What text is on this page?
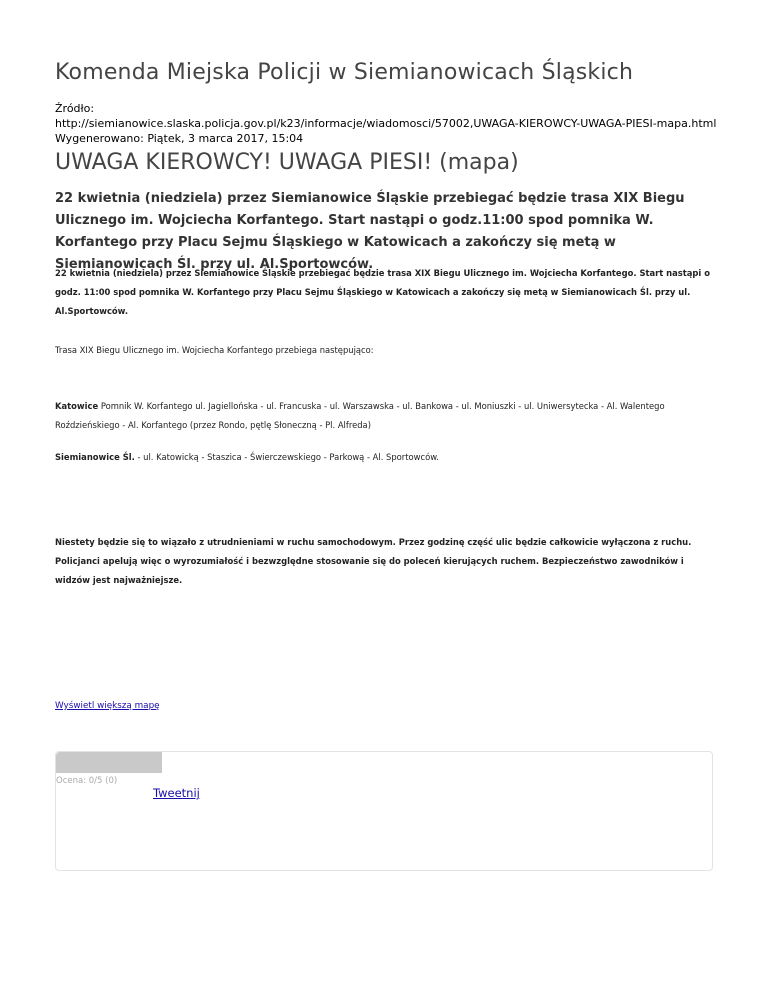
Komenda Miejska Policji w Siemianowicach Śląskich
Źródło:
http://siemianowice.slaska.policja.gov.pl/k23/informacje/wiadomosci/57002,UWAGA-KIEROWCY-UWAGA-PIESI-mapa.html
Wygenerowano: Piątek, 3 marca 2017, 15:04
UWAGA KIEROWCY! UWAGA PIESI! (mapa)
22 kwietnia (niedziela) przez Siemianowice Śląskie przebiegać będzie trasa XIX Biegu Ulicznego im. Wojciecha Korfantego. Start nastąpi o godz.11:00 spod pomnika W. Korfantego przy Placu Sejmu Śląskiego w Katowicach a zakończy się metą w Siemianowicach Śl. przy ul. Al.Sportowców.
22 kwietnia (niedziela) przez Siemianowice Śląskie przebiegać będzie trasa XIX Biegu Ulicznego im. Wojciecha Korfantego. Start nastąpi o godz. 11:00 spod pomnika W. Korfantego przy Placu Sejmu Śląskiego w Katowicach a zakończy się metą w Siemianowicach Śl. przy ul. Al.Sportowców.
Trasa XIX Biegu Ulicznego im. Wojciecha Korfantego przebiega następująco:
Katowice Pomnik W. Korfantego ul. Jagiellońska - ul. Francuska - ul. Warszawska - ul. Bankowa - ul. Moniuszki - ul. Uniwersytecka - Al. Walentego Roździeńskiego - Al. Korfantego (przez Rondo, pętlę Słoneczną - Pl. Alfreda)
Siemianowice Śl. - ul. Katowicką - Staszica - Świerczewskiego - Parkową - Al. Sportowców.
Niestety będzie się to wiązało z utrudnieniami w ruchu samochodowym. Przez godzinę część ulic będzie całkowicie wyłączona z ruchu. Policjanci apelują więc o wyrozumiałość i bezwzględne stosowanie się do poleceń kierujących ruchem. Bezpieczeństwo zawodników i widzów jest najważniejsze.
Wyświetl większą mapę
Ocena: 0/5 (0)
Tweetnij
